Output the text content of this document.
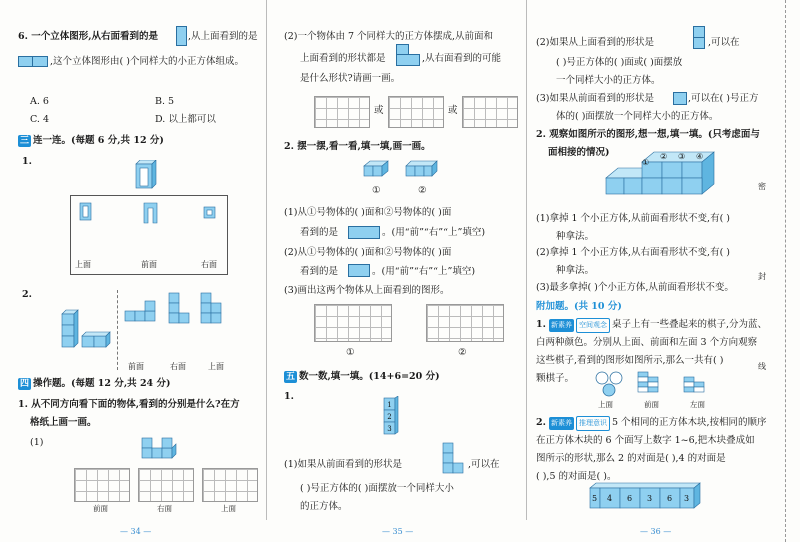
6. 一个立体图形,从右面看到的是	,从上面看到的是
,这个立体图形由( )个同样大的小正方体组成。
A. 6	B. 5
C. 4	D. 以上都可以
三 连一连。(每题 6 分,共 12 分)
1.
上面	前面	右面
2.
前面	右面	上面
四 操作题。(每题 12 分,共 24 分)
1. 从不同方向看下面的物体,看到的分别是什么?在方
格纸上画一画。
(1)
前面	右面	上面
— 34 —
(2)一个物体由 7 个同样大的正方体摆成,从前面和
上面看到的形状都是	,从右面看到的可能
是什么形状?请画一画。
或	或
2. 摆一摆,看一看,填一填,画一画。
①	②
(1)从①号物体的( )面和②号物体的( )面
看到的是	。(用“前”“右”“上”填空)
(2)从①号物体的( )面和②号物体的( )面
看到的是	。(用“前”“右”“上”填空)
(3)画出这两个物体从上面看到的图形。
①	②
五 数一数,填一填。(14+6=20 分)
1.
1
2
3
(1)如果从前面看到的形状是	,可以在
( )号正方体的( )面摆放一个同样大小
的正方体。
— 35 —
(2)如果从上面看到的形状是	,可以在
( )号正方体的( )面或( )面摆放
一个同样大小的正方体。
(3)如果从前面看到的形状是	,可以在( )号正方
体的( )面摆放一个同样大小的正方体。
2. 观察如图所示的图形,想一想,填一填。(只考虑面与
面相接的情况)
①
② ③ ④
(1)拿掉 1 个小正方体,从前面看形状不变,有( )
种拿法。
(2)拿掉 1 个小正方体,从右面看形状不变,有( )
种拿法。
(3)最多拿掉( )个小正方体,从前面看形状不变。
附加题。(共 10 分)
1. 新素养 空间观念 桌子上有一些叠起来的棋子,分为蓝、
白两种颜色。分别从上面、前面和左面 3 个方向观察
这些棋子,看到的图形如图所示,那么一共有( )
颗棋子。
上面	前面	左面
2. 新素养 推理意识 5 个相同的正方体木块,按相同的顺序
在正方体木块的 6 个面写上数字 1~6,把木块叠成如
图所示的形状,那么 2 的对面是( ),4 的对面是
( ),5 的对面是( )。
5 4 6 3 6 3
— 36 —
密
封
线
